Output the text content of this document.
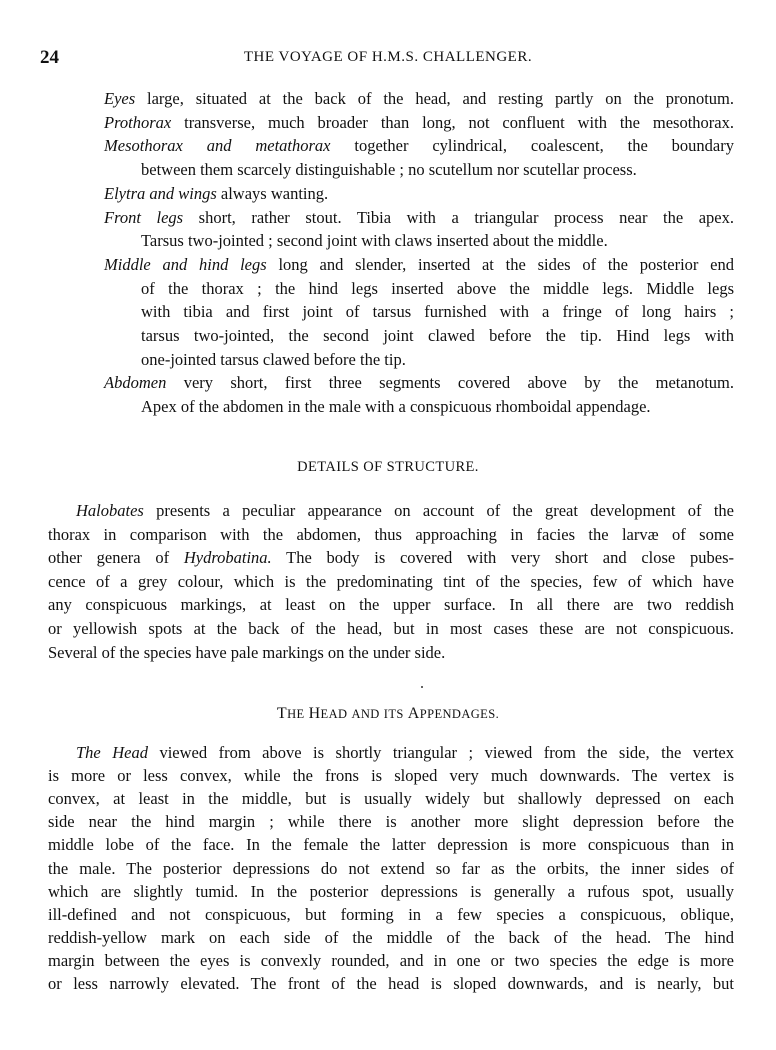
24	THE VOYAGE OF H.M.S. CHALLENGER.
Eyes large, situated at the back of the head, and resting partly on the pronotum.
Prothorax transverse, much broader than long, not confluent with the mesothorax.
Mesothorax and metathorax together cylindrical, coalescent, the boundary
between them scarcely distinguishable ; no scutellum nor scutellar process.
Elytra and wings always wanting.
Front legs short, rather stout. Tibia with a triangular process near the apex.
Tarsus two-jointed ; second joint with claws inserted about the middle.
Middle and hind legs long and slender, inserted at the sides of the posterior end
of the thorax ; the hind legs inserted above the middle legs. Middle legs
with tibia and first joint of tarsus furnished with a fringe of long hairs ;
tarsus two-jointed, the second joint clawed before the tip. Hind legs with
one-jointed tarsus clawed before the tip.
Abdomen very short, first three segments covered above by the metanotum.
Apex of the abdomen in the male with a conspicuous rhomboidal appendage.
DETAILS OF STRUCTURE.
Halobates presents a peculiar appearance on account of the great development of the
thorax in comparison with the abdomen, thus approaching in facies the larvæ of some
other genera of Hydrobatina. The body is covered with very short and close pubes-
cence of a grey colour, which is the predominating tint of the species, few of which have
any conspicuous markings, at least on the upper surface. In all there are two reddish
or yellowish spots at the back of the head, but in most cases these are not conspicuous.
Several of the species have pale markings on the under side.
THE HEAD AND ITS APPENDAGES.
The Head viewed from above is shortly triangular ; viewed from the side, the vertex
is more or less convex, while the frons is sloped very much downwards. The vertex is
convex, at least in the middle, but is usually widely but shallowly depressed on each
side near the hind margin ; while there is another more slight depression before the
middle lobe of the face. In the female the latter depression is more conspicuous than in
the male. The posterior depressions do not extend so far as the orbits, the inner sides of
which are slightly tumid. In the posterior depressions is generally a rufous spot, usually
ill-defined and not conspicuous, but forming in a few species a conspicuous, oblique,
reddish-yellow mark on each side of the middle of the back of the head. The hind
margin between the eyes is convexly rounded, and in one or two species the edge is more
or less narrowly elevated. The front of the head is sloped downwards, and is nearly, but
